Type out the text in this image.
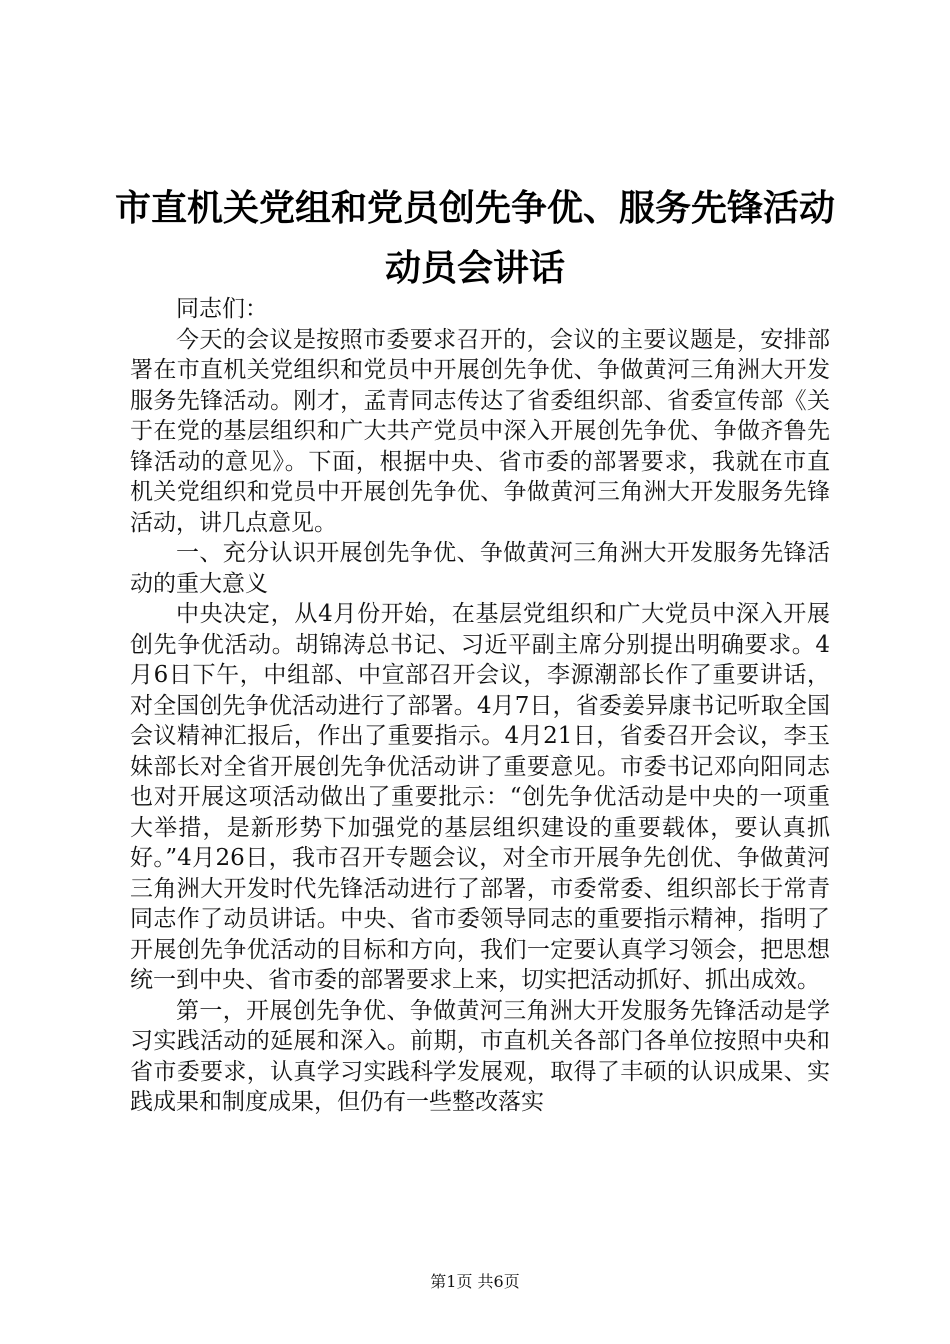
市直机关党组和党员创先争优、服务先锋活动
动员会讲话

同志们：

今天的会议是按照市委要求召开的，会议的主要议题是，安排部署在市直机关党组织和党员中开展创先争优、争做黄河三角洲大开发服务先锋活动。刚才，孟青同志传达了省委组织部、省委宣传部《关于在党的基层组织和广大共产党员中深入开展创先争优、争做齐鲁先锋活动的意见》。下面，根据中央、省市委的部署要求，我就在市直机关党组织和党员中开展创先争优、争做黄河三角洲大开发服务先锋活动，讲几点意见。

一、充分认识开展创先争优、争做黄河三角洲大开发服务先锋活动的重大意义

中央决定，从4月份开始，在基层党组织和广大党员中深入开展创先争优活动。胡锦涛总书记、习近平副主席分别提出明确要求。4月6日下午，中组部、中宣部召开会议，李源潮部长作了重要讲话，对全国创先争优活动进行了部署。4月7日，省委姜异康书记听取全国会议精神汇报后，作出了重要指示。4月21日，省委召开会议，李玉妹部长对全省开展创先争优活动讲了重要意见。市委书记邓向阳同志也对开展这项活动做出了重要批示：“创先争优活动是中央的一项重大举措，是新形势下加强党的基层组织建设的重要载体，要认真抓好。”4月26日，我市召开专题会议，对全市开展争先创优、争做黄河三角洲大开发时代先锋活动进行了部署，市委常委、组织部长于常青同志作了动员讲话。中央、省市委领导同志的重要指示精神，指明了开展创先争优活动的目标和方向，我们一定要认真学习领会，把思想统一到中央、省市委的部署要求上来，切实把活动抓好、抓出成效。

第一，开展创先争优、争做黄河三角洲大开发服务先锋活动是学习实践活动的延展和深入。前期，市直机关各部门各单位按照中央和省市委要求，认真学习实践科学发展观，取得了丰硕的认识成果、实践成果和制度成果，但仍有一些整改落实

第1页 共6页
